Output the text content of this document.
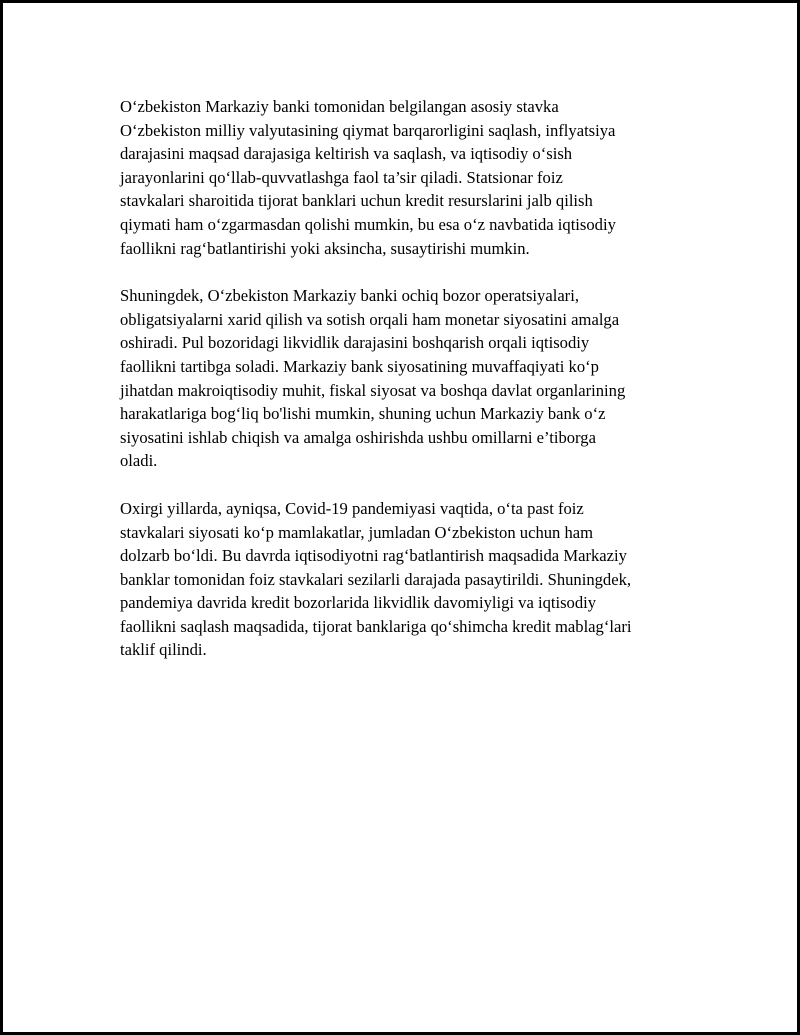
O‘zbekiston Markaziy banki tomonidan belgilangan asosiy stavka
O‘zbekiston milliy valyutasining qiymat barqarorligini saqlash, inflyatsiya
darajasini maqsad darajasiga keltirish va saqlash, va iqtisodiy o‘sish
jarayonlarini qo‘llab-quvvatlashga faol ta’sir qiladi. Statsionar foiz
stavkalari sharoitida tijorat banklari uchun kredit resurslarini jalb qilish
qiymati ham o‘zgarmasdan qolishi mumkin, bu esa o‘z navbatida iqtisodiy
faollikni rag‘batlantirishi yoki aksincha, susaytirishi mumkin.

Shuningdek, O‘zbekiston Markaziy banki ochiq bozor operatsiyalari,
obligatsiyalarni xarid qilish va sotish orqali ham monetar siyosatini amalga
oshiradi. Pul bozoridagi likvidlik darajasini boshqarish orqali iqtisodiy
faollikni tartibga soladi. Markaziy bank siyosatining muvaffaqiyati ko‘p
jihatdan makroiqtisodiy muhit, fiskal siyosat va boshqa davlat organlarining
harakatlariga bog‘liq bo'lishi mumkin, shuning uchun Markaziy bank o‘z
siyosatini ishlab chiqish va amalga oshirishda ushbu omillarni e’tiborga
oladi.

Oxirgi yillarda, ayniqsa, Covid-19 pandemiyasi vaqtida, o‘ta past foiz
stavkalari siyosati ko‘p mamlakatlar, jumladan O‘zbekiston uchun ham
dolzarb bo‘ldi. Bu davrda iqtisodiyotni rag‘batlantirish maqsadida Markaziy
banklar tomonidan foiz stavkalari sezilarli darajada pasaytirildi. Shuningdek,
pandemiya davrida kredit bozorlarida likvidlik davomiyligi va iqtisodiy
faollikni saqlash maqsadida, tijorat banklariga qo‘shimcha kredit mablag‘lari
taklif qilindi.
